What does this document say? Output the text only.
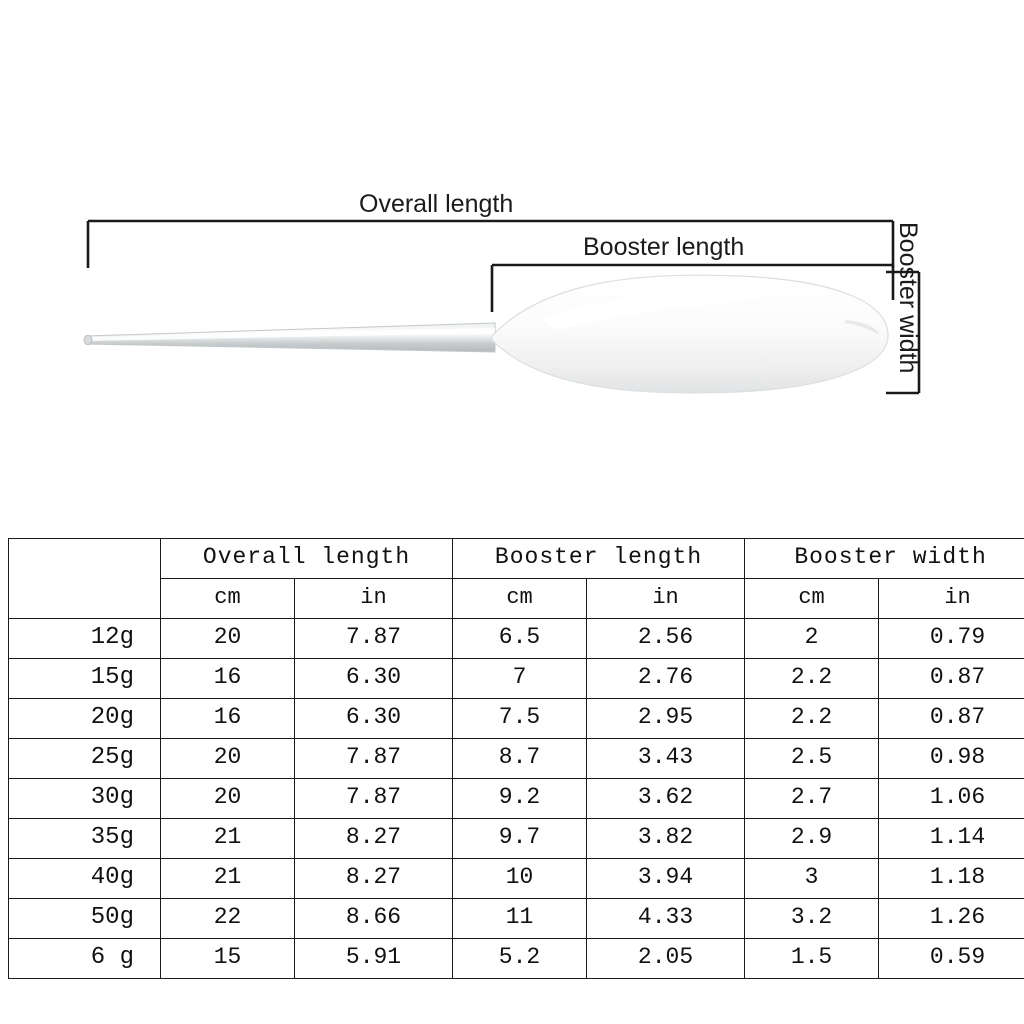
Overall length
Booster length	Booster width
	Overall length		Booster length		Booster width	
	cm	in	cm	in	cm	in
12g	20	7.87	6.5	2.56	2	0.79
15g	16	6.30	7	2.76	2.2	0.87
20g	16	6.30	7.5	2.95	2.2	0.87
25g	20	7.87	8.7	3.43	2.5	0.98
30g	20	7.87	9.2	3.62	2.7	1.06
35g	21	8.27	9.7	3.82	2.9	1.14
40g	21	8.27	10	3.94	3	1.18
50g	22	8.66	11	4.33	3.2	1.26
6 g	15	5.91	5.2	2.05	1.5	0.59
